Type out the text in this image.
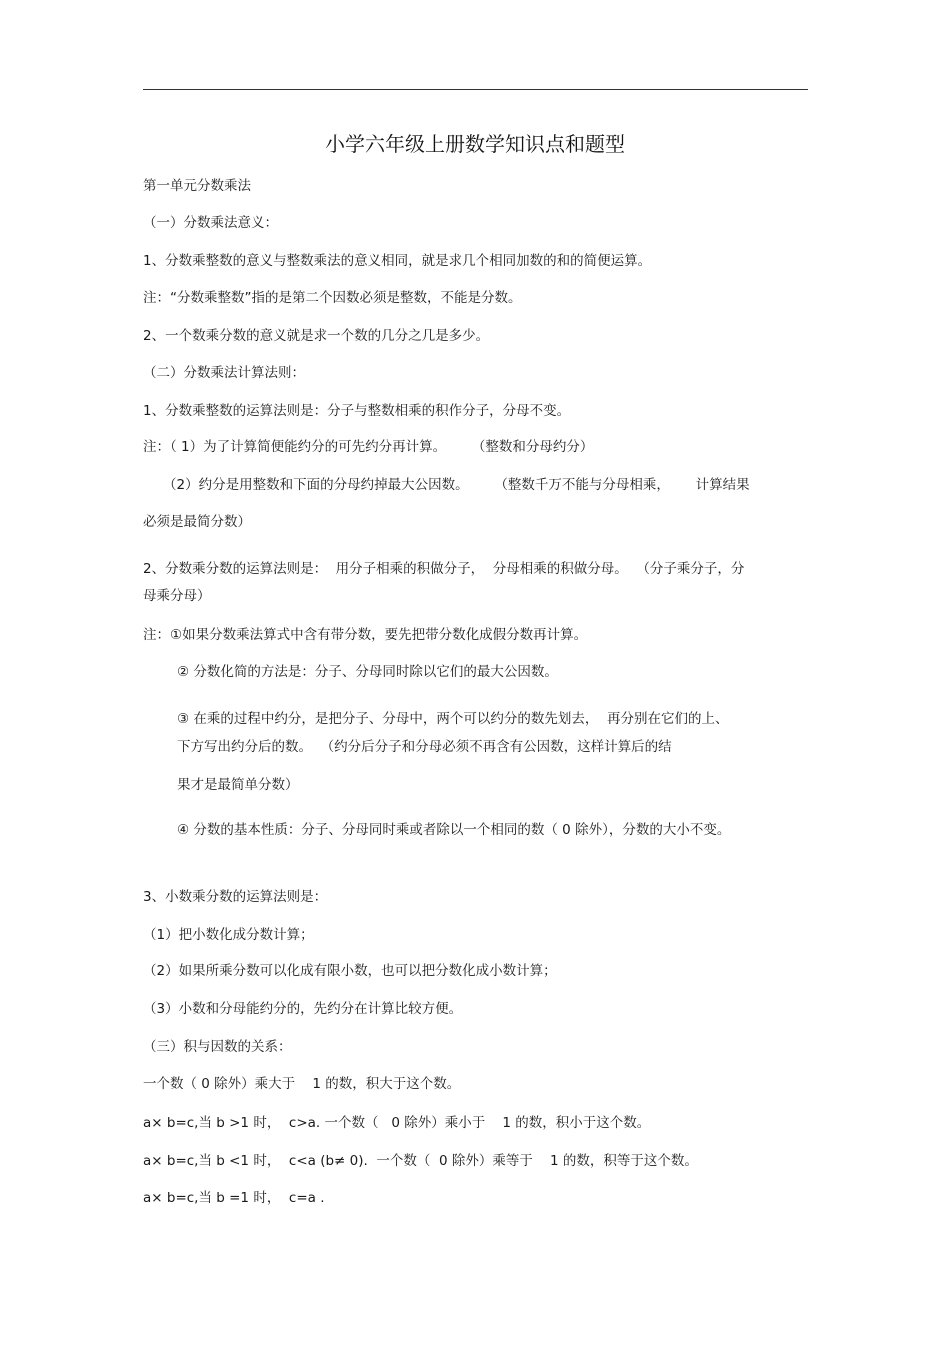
小学六年级上册数学知识点和题型
第一单元分数乘法
（一）分数乘法意义：
1、分数乘整数的意义与整数乘法的意义相同，就是求几个相同加数的和的简便运算。
注：“分数乘整数”指的是第二个因数必须是整数，不能是分数。
2、一个数乘分数的意义就是求一个数的几分之几是多少。
（二）分数乘法计算法则：
1、分数乘整数的运算法则是：分子与整数相乘的积作分子，分母不变。
注：（ 1）为了计算简便能约分的可先约分再计算。      （整数和分母约分）
（2）约分是用整数和下面的分母约掉最大公因数。      （整数千万不能与分母相乘，      计算结果
必须是最简分数）
2、分数乘分数的运算法则是：  用分子相乘的积做分子，  分母相乘的积做分母。  （分子乘分子，分
母乘分母）
注：①如果分数乘法算式中含有带分数，要先把带分数化成假分数再计算。
② 分数化简的方法是：分子、分母同时除以它们的最大公因数。
③ 在乘的过程中约分，是把分子、分母中，两个可以约分的数先划去，  再分别在它们的上、
下方写出约分后的数。  （约分后分子和分母必须不再含有公因数，这样计算后的结
果才是最简单分数）
④ 分数的基本性质：分子、分母同时乘或者除以一个相同的数（ 0 除外），分数的大小不变。
3、小数乘分数的运算法则是：
（1）把小数化成分数计算；
（2）如果所乘分数可以化成有限小数，也可以把分数化成小数计算；
（3）小数和分母能约分的，先约分在计算比较方便。
（三）积与因数的关系：
一个数（ 0 除外）乘大于    1 的数，积大于这个数。
a× b=c,当 b >1 时，  c>a. 一个数（   0 除外）乘小于    1 的数，积小于这个数。
a× b=c,当 b <1 时，  c<a (b≠ 0).  一个数（  0 除外）乘等于    1 的数，积等于这个数。
a× b=c,当 b =1 时，  c=a .
